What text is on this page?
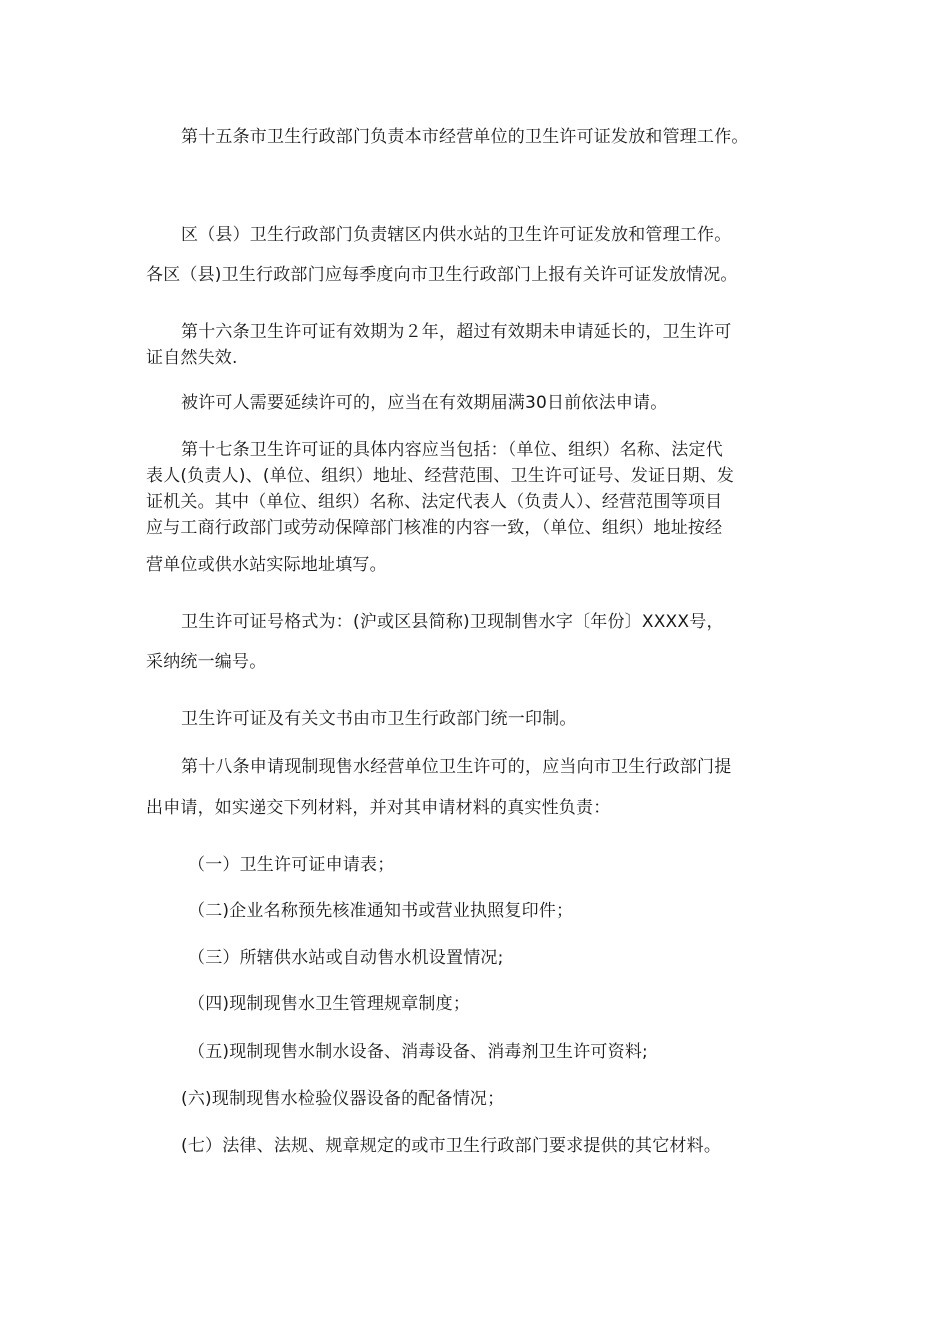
第十五条市卫生行政部门负责本市经营单位的卫生许可证发放和管理工作。
区（县）卫生行政部门负责辖区内供水站的卫生许可证发放和管理工作。
各区（县)卫生行政部门应每季度向市卫生行政部门上报有关许可证发放情况。
第十六条卫生许可证有效期为２年，超过有效期未申请延长的，卫生许可
证自然失效.
被许可人需要延续许可的，应当在有效期届满30日前依法申请。
第十七条卫生许可证的具体内容应当包括：（单位、组织）名称、法定代
表人(负责人)、(单位、组织）地址、经营范围、卫生许可证号、发证日期、发
证机关。其中（单位、组织）名称、法定代表人（负责人）、经营范围等项目
应与工商行政部门或劳动保障部门核准的内容一致，（单位、组织）地址按经
营单位或供水站实际地址填写。
卫生许可证号格式为：(沪或区县简称)卫现制售水字〔年份〕XXXX号，
采纳统一编号。
卫生许可证及有关文书由市卫生行政部门统一印制。
第十八条申请现制现售水经营单位卫生许可的，应当向市卫生行政部门提
出申请，如实递交下列材料，并对其申请材料的真实性负责：
（一）卫生许可证申请表；
（二)企业名称预先核准通知书或营业执照复印件；
（三）所辖供水站或自动售水机设置情况;
（四)现制现售水卫生管理规章制度；
（五)现制现售水制水设备、消毒设备、消毒剂卫生许可资料;
(六)现制现售水检验仪器设备的配备情况；
(七）法律、法规、规章规定的或市卫生行政部门要求提供的其它材料。
